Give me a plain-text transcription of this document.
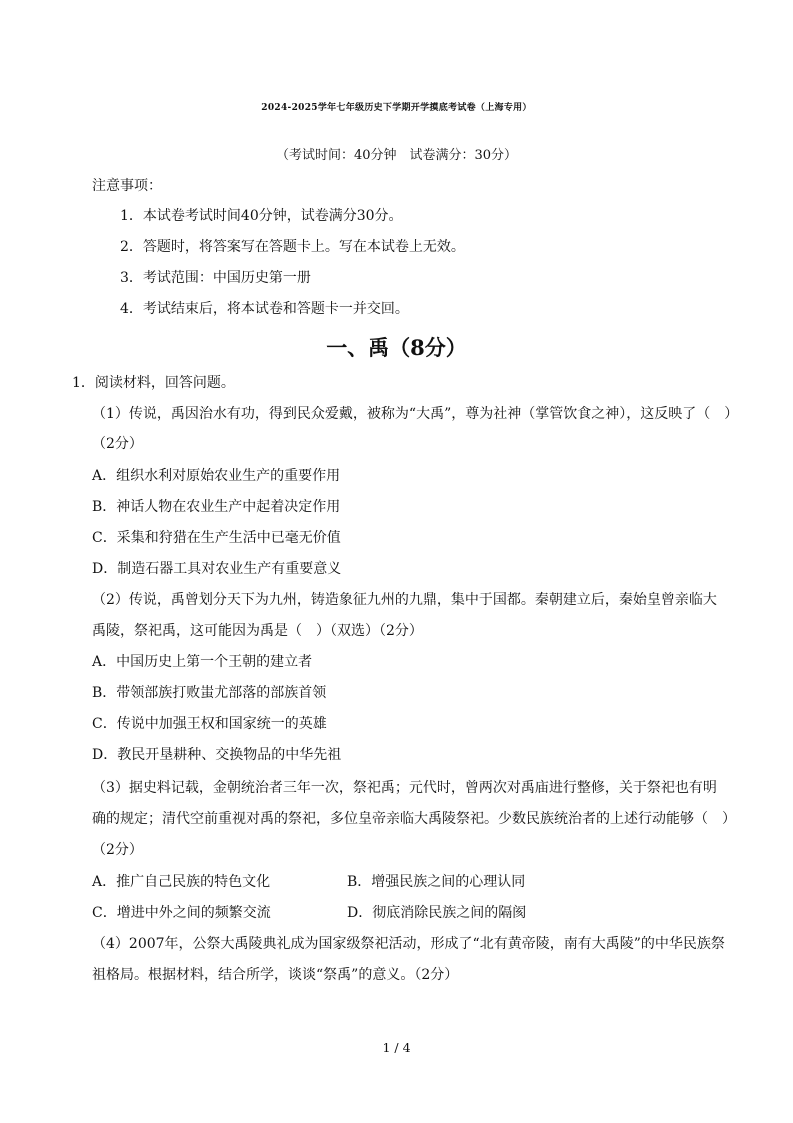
2024-2025学年七年级历史下学期开学摸底考试卷（上海专用）
（考试时间：40分钟　试卷满分：30分）
注意事项：
1．本试卷考试时间40分钟，试卷满分30分。
2．答题时，将答案写在答题卡上。写在本试卷上无效。
3．考试范围：中国历史第一册
4．考试结束后，将本试卷和答题卡一并交回。
一、禹（8分）
1．阅读材料，回答问题。
（1）传说，禹因治水有功，得到民众爱戴，被称为“大禹”，尊为社神（掌管饮食之神），这反映了（　）
（2分）
A．组织水利对原始农业生产的重要作用
B．神话人物在农业生产中起着决定作用
C．采集和狩猎在生产生活中已毫无价值
D．制造石器工具对农业生产有重要意义
（2）传说，禹曾划分天下为九州，铸造象征九州的九鼎，集中于国都。秦朝建立后，秦始皇曾亲临大
禹陵，祭祀禹，这可能因为禹是（　）（双选）（2分）
A．中国历史上第一个王朝的建立者
B．带领部族打败蚩尤部落的部族首领
C．传说中加强王权和国家统一的英雄
D．教民开垦耕种、交换物品的中华先祖
（3）据史料记载，金朝统治者三年一次，祭祀禹；元代时，曾两次对禹庙进行整修，关于祭祀也有明
确的规定；清代空前重视对禹的祭祀，多位皇帝亲临大禹陵祭祀。少数民族统治者的上述行动能够（　）
（2分）
A．推广自己民族的特色文化	B．增强民族之间的心理认同
C．增进中外之间的频繁交流	D．彻底消除民族之间的隔阂
（4）2007年，公祭大禹陵典礼成为国家级祭祀活动，形成了“北有黄帝陵，南有大禹陵”的中华民族祭
祖格局。根据材料，结合所学，谈谈“祭禹”的意义。（2分）
1 / 4
